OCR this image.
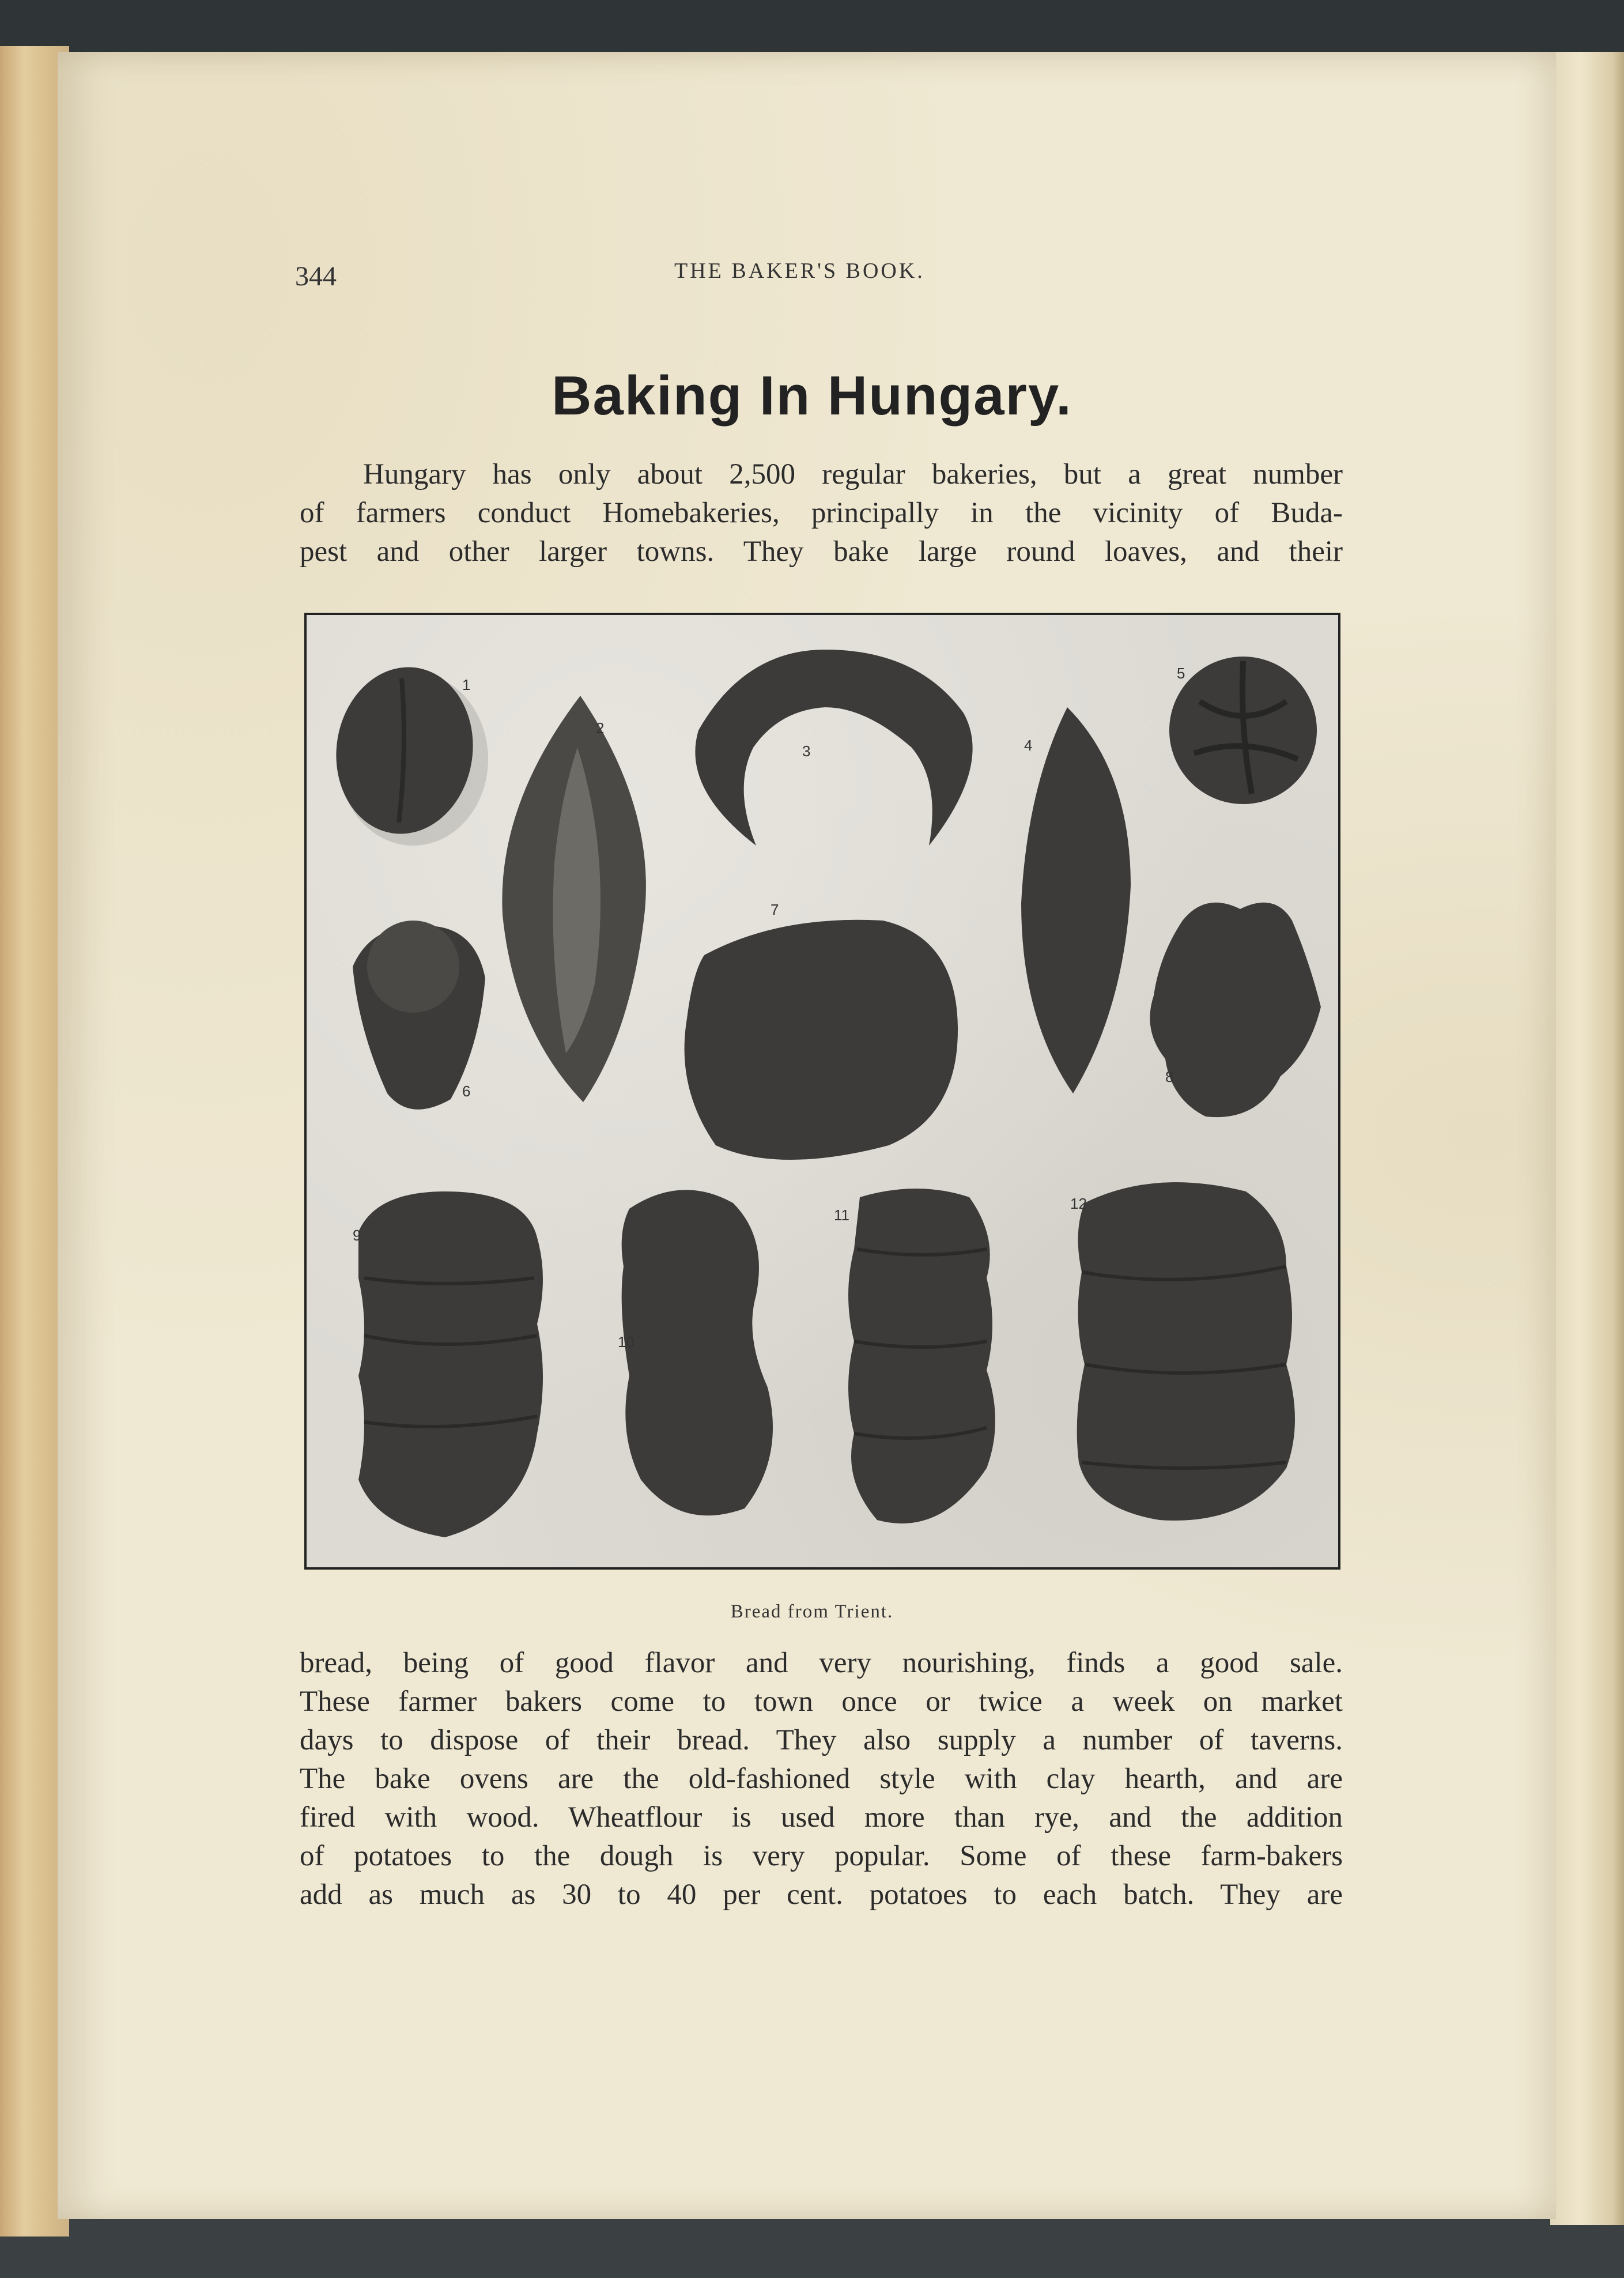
344	THE BAKER'S BOOK.
Baking In Hungary.
Hungary has only about 2,500 regular bakeries, but a great number
of farmers conduct Homebakeries, principally in the vicinity of Buda-
pest and other larger towns. They bake large round loaves, and their
1
2
3	4
5
6
7
8
9
10
11
12
Bread from Trient.
bread, being of good flavor and very nourishing, finds a good sale.
These farmer bakers come to town once or twice a week on market
days to dispose of their bread. They also supply a number of taverns.
The bake ovens are the old-fashioned style with clay hearth, and are
fired with wood. Wheatflour is used more than rye, and the addition
of potatoes to the dough is very popular. Some of these farm-bakers
add as much as 30 to 40 per cent. potatoes to each batch. They are
